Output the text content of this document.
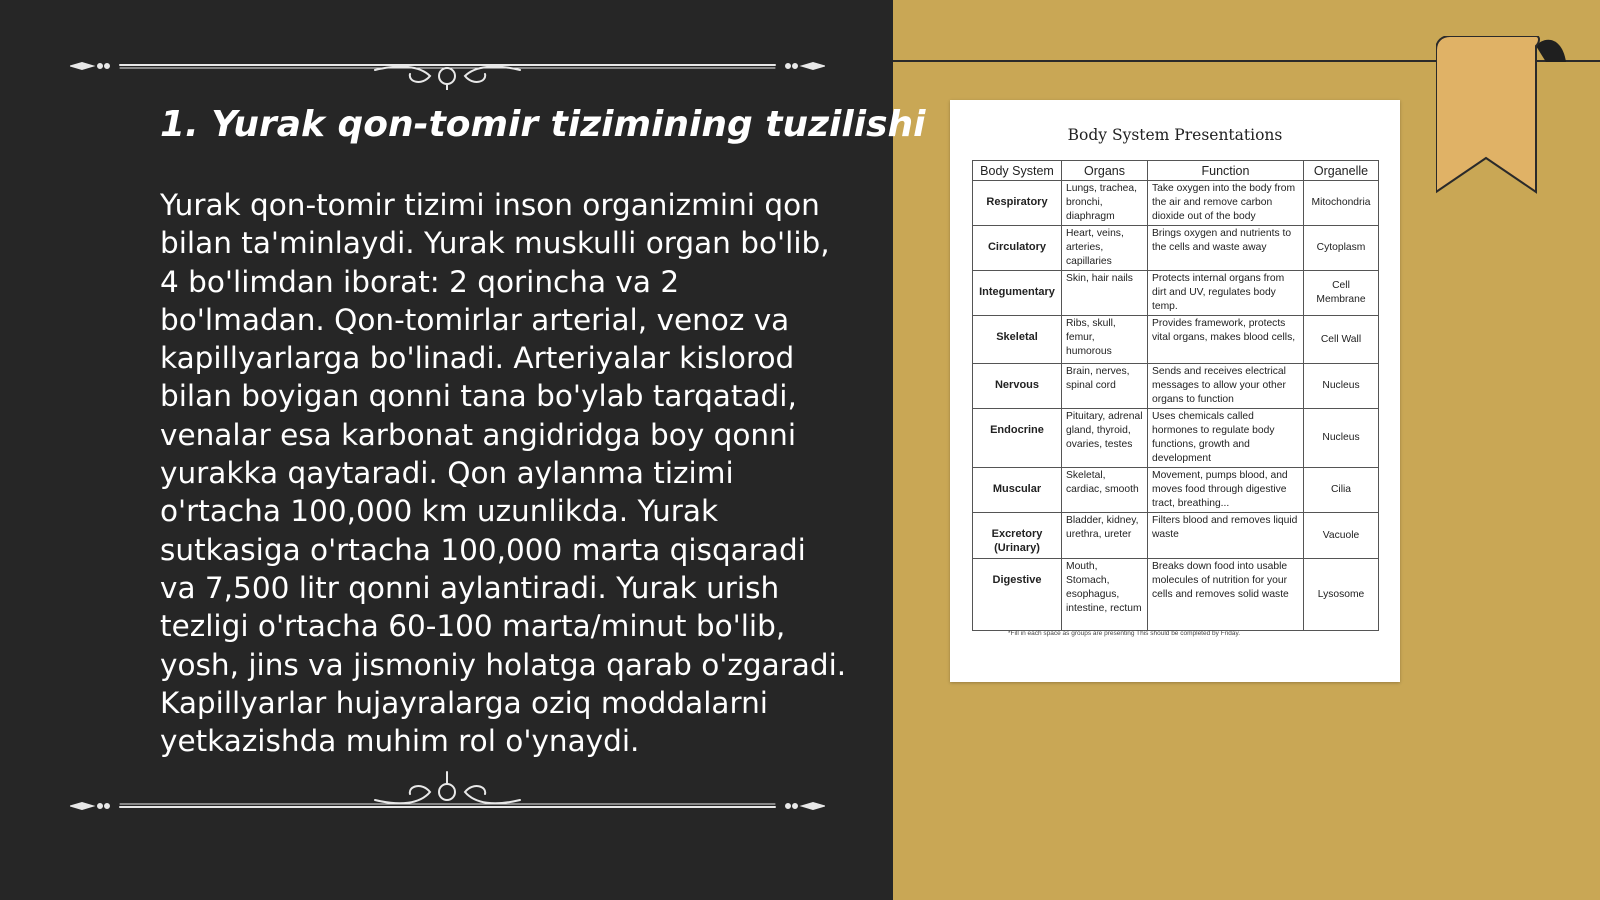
1. Yurak qon-tomir tizimining tuzilishi

Yurak qon-tomir tizimi inson organizmini qon bilan ta'minlaydi. Yurak muskulli organ bo'lib, 4 bo'limdan iborat: 2 qorincha va 2 bo'lmadan. Qon-tomirlar arterial, venoz va kapillyarlarga bo'linadi. Arteriyalar kislorod bilan boyigan qonni tana bo'ylab tarqatadi, venalar esa karbonat angidridga boy qonni yurakka qaytaradi. Qon aylanma tizimi o'rtacha 100,000 km uzunlikda. Yurak sutkasiga o'rtacha 100,000 marta qisqaradi va 7,500 litr qonni aylantiradi. Yurak urish tezligi o'rtacha 60-100 marta/minut bo'lib, yosh, jins va jismoniy holatga qarab o'zgaradi. Kapillyarlar hujayralarga oziq moddalarni yetkazishda muhim rol o'ynaydi.

Body System Presentations
Body System	Organs	Function	Organelle
Respiratory	Lungs, trachea, bronchi, diaphragm	Take oxygen into the body from the air and remove carbon dioxide out of the body	Mitochondria
Circulatory	Heart, veins, arteries, capillaries	Brings oxygen and nutrients to the cells and waste away	Cytoplasm
Integumentary	Skin, hair nails	Protects internal organs from dirt and UV, regulates body temp.	Cell Membrane
Skeletal	Ribs, skull, femur, humorous	Provides framework, protects vital organs, makes blood cells,	Cell Wall
Nervous	Brain, nerves, spinal cord	Sends and receives electrical messages to allow your other organs to function	Nucleus
Endocrine	Pituitary, adrenal gland, thyroid, ovaries, testes	Uses chemicals called hormones to regulate body functions, growth and development	Nucleus
Muscular	Skeletal, cardiac, smooth	Movement, pumps blood, and moves food through digestive tract, breathing...	Cilia
Excretory (Urinary)	Bladder, kidney, urethra, ureter	Filters blood and removes liquid waste	Vacuole
Digestive	Mouth, Stomach, esophagus, intestine, rectum	Breaks down food into usable molecules of nutrition for your cells and removes solid waste	Lysosome
*Fill in each space as groups are presenting This should be completed by Friday.
